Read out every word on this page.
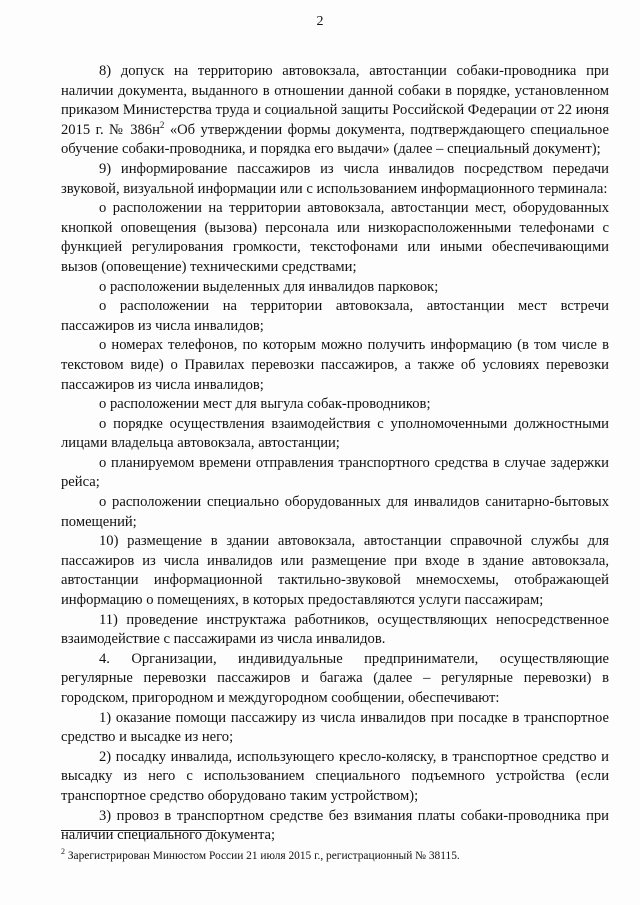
2

8) допуск на территорию автовокзала, автостанции собаки-проводника при наличии документа, выданного в отношении данной собаки в порядке, установленном приказом Министерства труда и социальной защиты Российской Федерации от 22 июня 2015 г. № $386н^2$ «Об утверждении формы документа, подтверждающего специальное обучение собаки-проводника, и порядка его выдачи» (далее – специальный документ);

9) информирование пассажиров из числа инвалидов посредством передачи звуковой, визуальной информации или с использованием информационного терминала:

о расположении на территории автовокзала, автостанции мест, оборудованных кнопкой оповещения (вызова) персонала или низкорасположенными телефонами с функцией регулирования громкости, текстофонами или иными обеспечивающими вызов (оповещение) техническими средствами;

о расположении выделенных для инвалидов парковок;

о расположении на территории автовокзала, автостанции мест встречи пассажиров из числа инвалидов;

о номерах телефонов, по которым можно получить информацию (в том числе в текстовом виде) о Правилах перевозки пассажиров, а также об условиях перевозки пассажиров из числа инвалидов;

о расположении мест для выгула собак-проводников;

о порядке осуществления взаимодействия с уполномоченными должностными лицами владельца автовокзала, автостанции;

о планируемом времени отправления транспортного средства в случае задержки рейса;

о расположении специально оборудованных для инвалидов санитарно-бытовых помещений;

10) размещение в здании автовокзала, автостанции справочной службы для пассажиров из числа инвалидов или размещение при входе в здание автовокзала, автостанции информационной тактильно-звуковой мнемосхемы, отображающей информацию о помещениях, в которых предоставляются услуги пассажирам;

11) проведение инструктажа работников, осуществляющих непосредственное взаимодействие с пассажирами из числа инвалидов.

4. Организации, индивидуальные предприниматели, осуществляющие регулярные перевозки пассажиров и багажа (далее – регулярные перевозки) в городском, пригородном и междугородном сообщении, обеспечивают:

1) оказание помощи пассажиру из числа инвалидов при посадке в транспортное средство и высадке из него;

2) посадку инвалида, использующего кресло-коляску, в транспортное средство и высадку из него с использованием специального подъемного устройства (если транспортное средство оборудовано таким устройством);

3) провоз в транспортном средстве без взимания платы собаки-проводника при наличии специального документа;

$^2$ Зарегистрирован Минюстом России 21 июля 2015 г., регистрационный № 38115.
